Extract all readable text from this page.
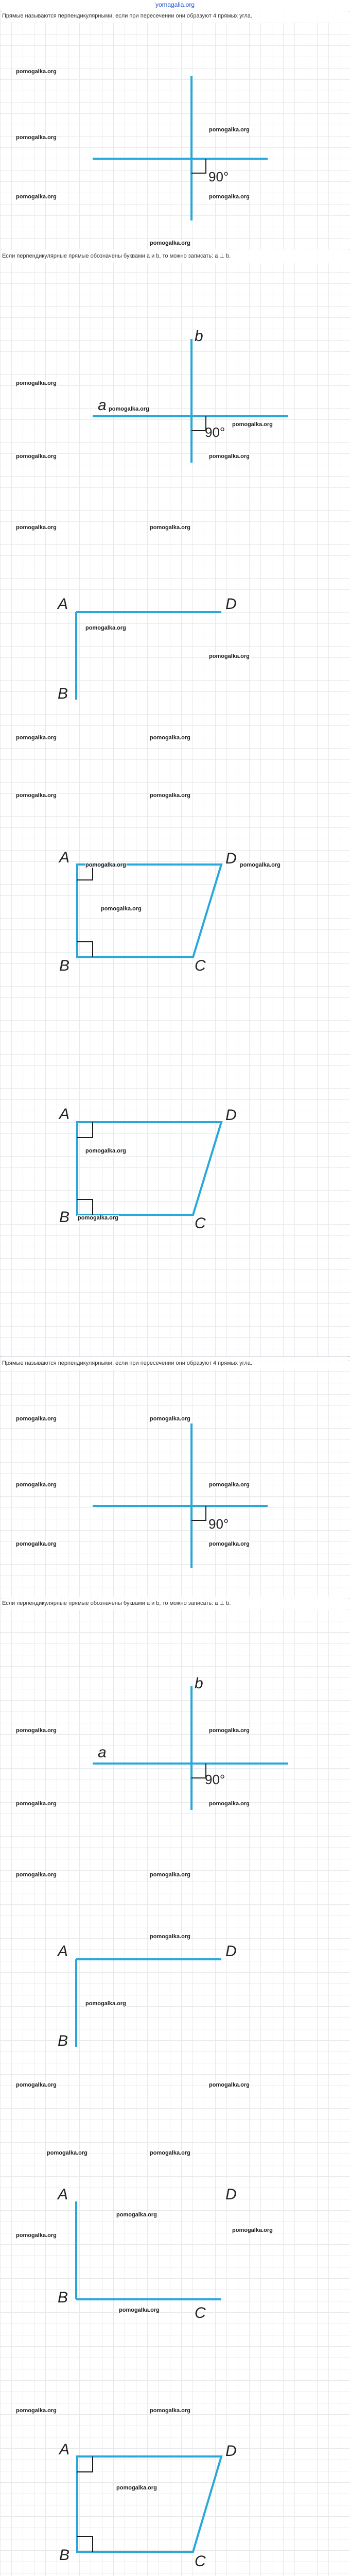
yornagalia.org
Прямые называются перпендикулярными, если при пересечении они образуют 4 прямых угла.
pomogalka.org
pomogalka.org
pomogalka.org
pomogalka.org	pomogalka.org
pomogalka.org
90°
Если перпендикулярные прямые обозначены буквами a и b, то можно записать: a ⊥ b.
b
a
90°
pomogalka.org
pomogalka.org
pomogalka.org
pomogalka.org	pomogalka.org
pomogalka.org	pomogalka.org
A	D
B
pomogalka.org
pomogalka.org
pomogalka.org	pomogalka.org
pomogalka.org	pomogalka.org
pomogalka.org	pomogalka.org
pomogalka.org
A	D
B	C
A	D
B	C
pomogalka.org
pomogalka.org
Прямые называются перпендикулярными, если при пересечении они образуют 4 прямых угла.
pomogalka.org	pomogalka.org
pomogalka.org	pomogalka.org
pomogalka.org	pomogalka.org
90°
Если перпендикулярные прямые обозначены буквами a и b, то можно записать: a ⊥ b.
b
a
90°
pomogalka.org	pomogalka.org
pomogalka.org	pomogalka.org
pomogalka.org	pomogalka.org
A	D
B
pomogalka.org
pomogalka.org
pomogalka.org	pomogalka.org
pomogalka.org	pomogalka.org
A	D
B
C
pomogalka.org
pomogalka.org
pomogalka.org
pomogalka.org
pomogalka.org	pomogalka.org
A	D
B	C
pomogalka.org
